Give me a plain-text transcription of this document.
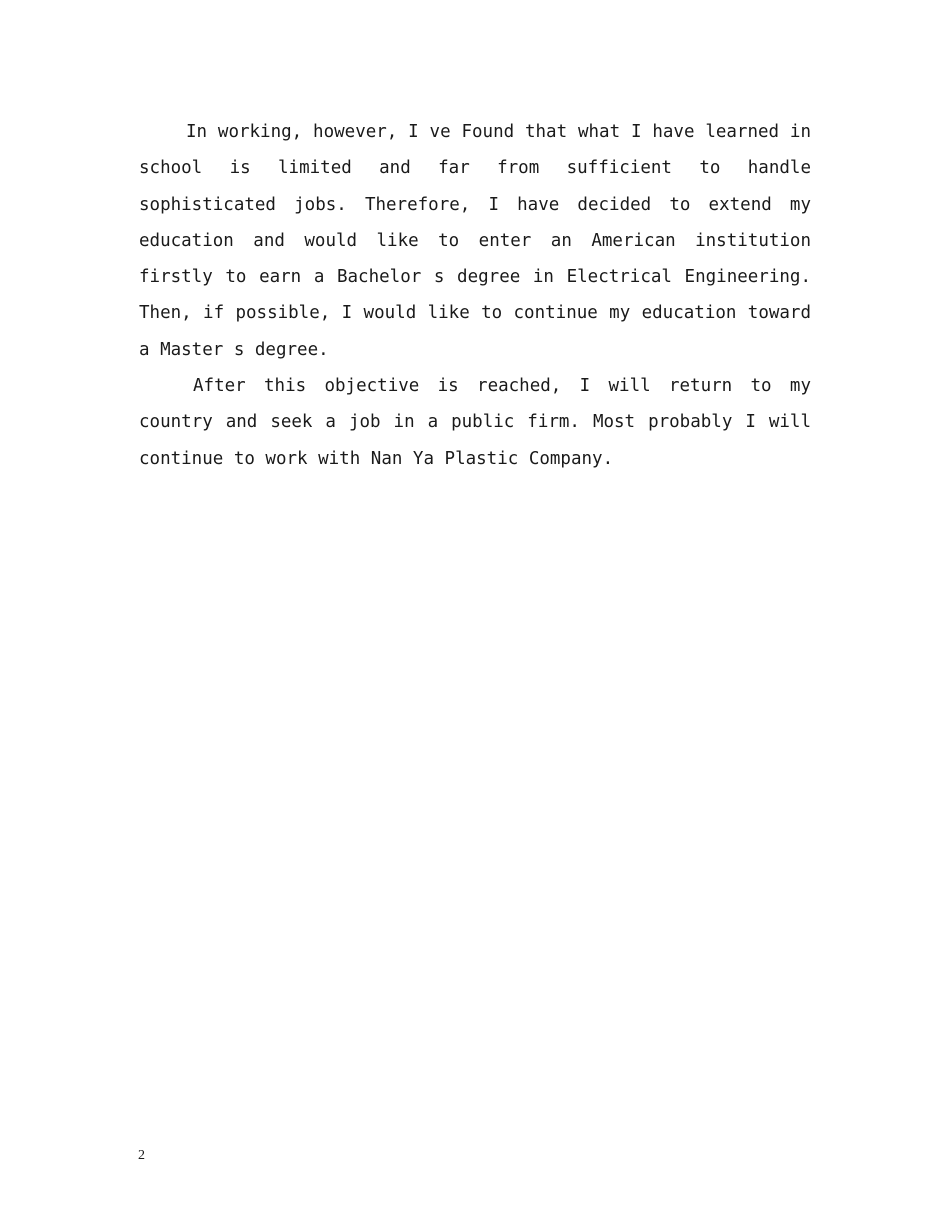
In working, however, I ve Found that what I have learned in school is limited and far from sufficient to handle sophisticated jobs. Therefore, I have decided to extend my education and would like to enter an American institution firstly to earn a Bachelor s degree in Electrical Engineering. Then, if possible, I would like to continue my education toward a Master s degree.

After this objective is reached, I will return to my country and seek a job in a public firm. Most probably I will continue to work with Nan Ya Plastic Company.

2
